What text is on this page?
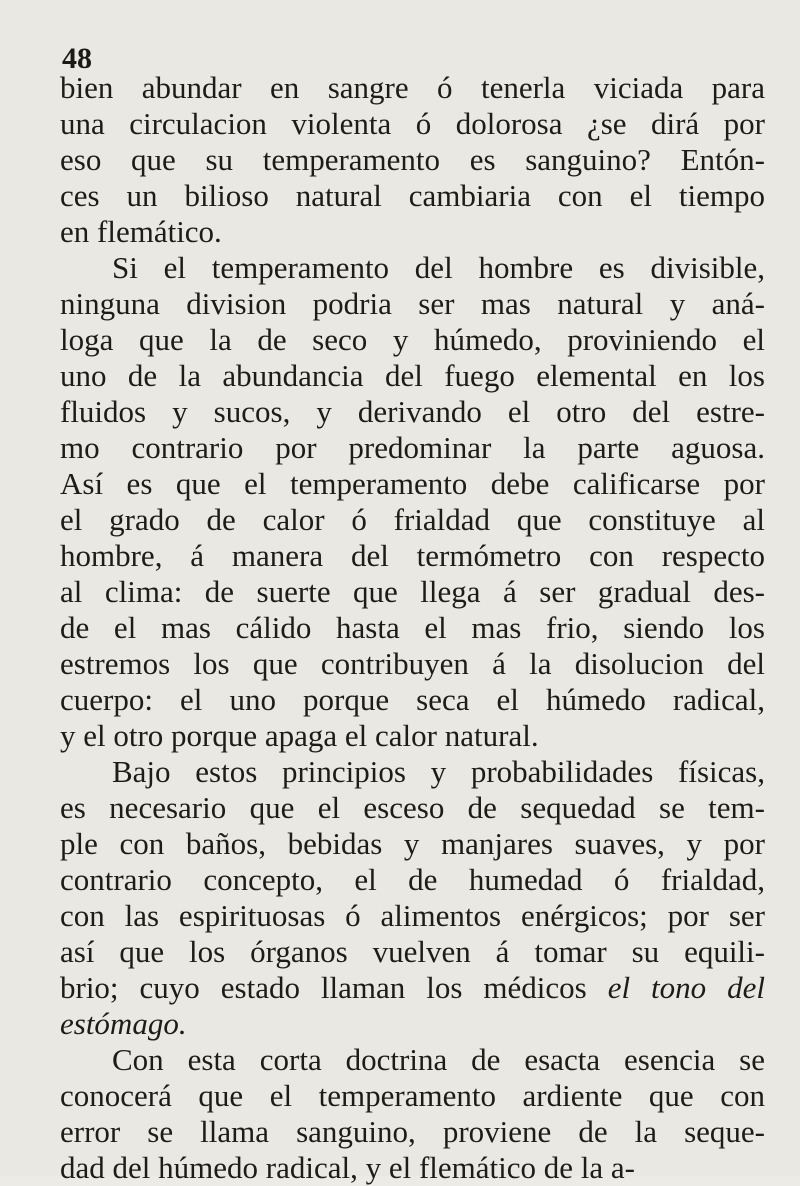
48
bien abundar en sangre ó tenerla viciada para
una circulacion violenta ó dolorosa ¿se dirá por
eso que su temperamento es sanguino? Entón-
ces un bilioso natural cambiaria con el tiempo
en flemático.
Si el temperamento del hombre es divisible,
ninguna division podria ser mas natural y aná-
loga que la de seco y húmedo, proviniendo el
uno de la abundancia del fuego elemental en los
fluidos y sucos, y derivando el otro del estre-
mo contrario por predominar la parte aguosa.
Así es que el temperamento debe calificarse por
el grado de calor ó frialdad que constituye al
hombre, á manera del termómetro con respecto
al clima: de suerte que llega á ser gradual des-
de el mas cálido hasta el mas frio, siendo los
estremos los que contribuyen á la disolucion del
cuerpo: el uno porque seca el húmedo radical,
y el otro porque apaga el calor natural.
Bajo estos principios y probabilidades físicas,
es necesario que el esceso de sequedad se tem-
ple con baños, bebidas y manjares suaves, y por
contrario concepto, el de humedad ó frialdad,
con las espirituosas ó alimentos enérgicos; por ser
así que los órganos vuelven á tomar su equili-
brio; cuyo estado llaman los médicos el tono del
estómago.
Con esta corta doctrina de esacta esencia se
conocerá que el temperamento ardiente que con
error se llama sanguino, proviene de la seque-
dad del húmedo radical, y el flemático de la a-
